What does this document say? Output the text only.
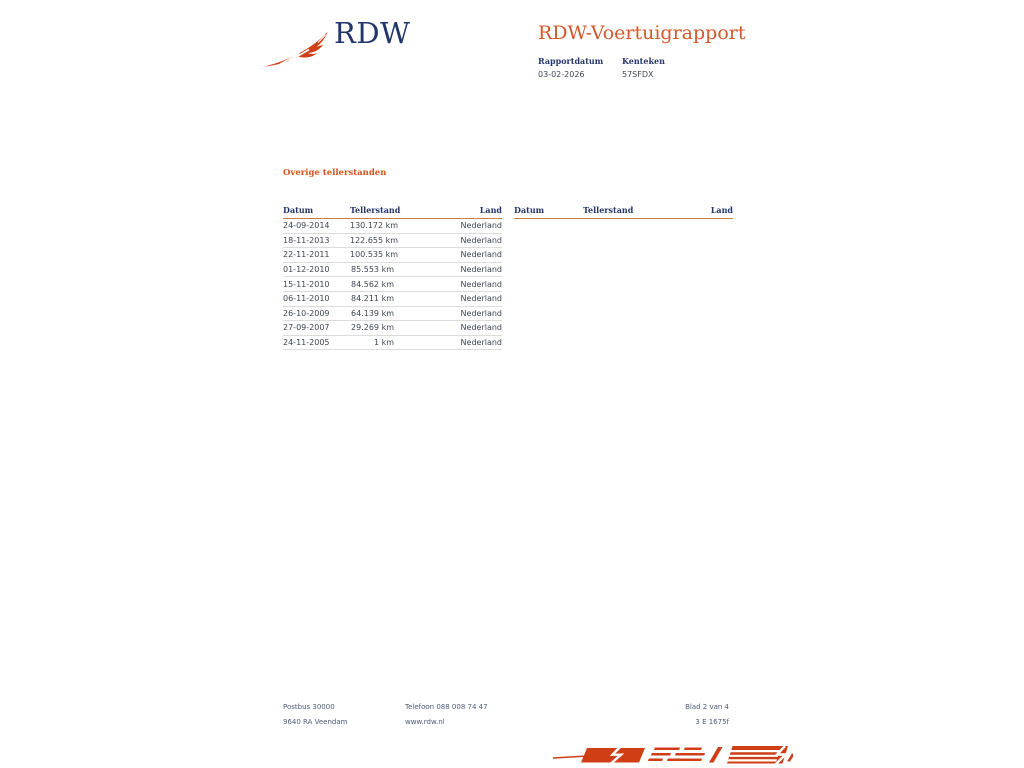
RDW	RDW-Voertuigrapport
Rapportdatum
03-02-2026
Kenteken
57SFDX
Overige tellerstanden
Datum	Tellerstand	Land
24-09-2014	130.172 km	Nederland
18-11-2013	122.655 km	Nederland
22-11-2011	100.535 km	Nederland
01-12-2010	85.553 km	Nederland
15-11-2010	84.562 km	Nederland
06-11-2010	84.211 km	Nederland
26-10-2009	64.139 km	Nederland
27-09-2007	29.269 km	Nederland
24-11-2005	1 km	Nederland
Datum	Tellerstand	Land
Postbus 30000
9640 RA Veendam
Telefoon 088 008 74 47
www.rdw.nl
Blad 2 van 4
3 E 1675f
